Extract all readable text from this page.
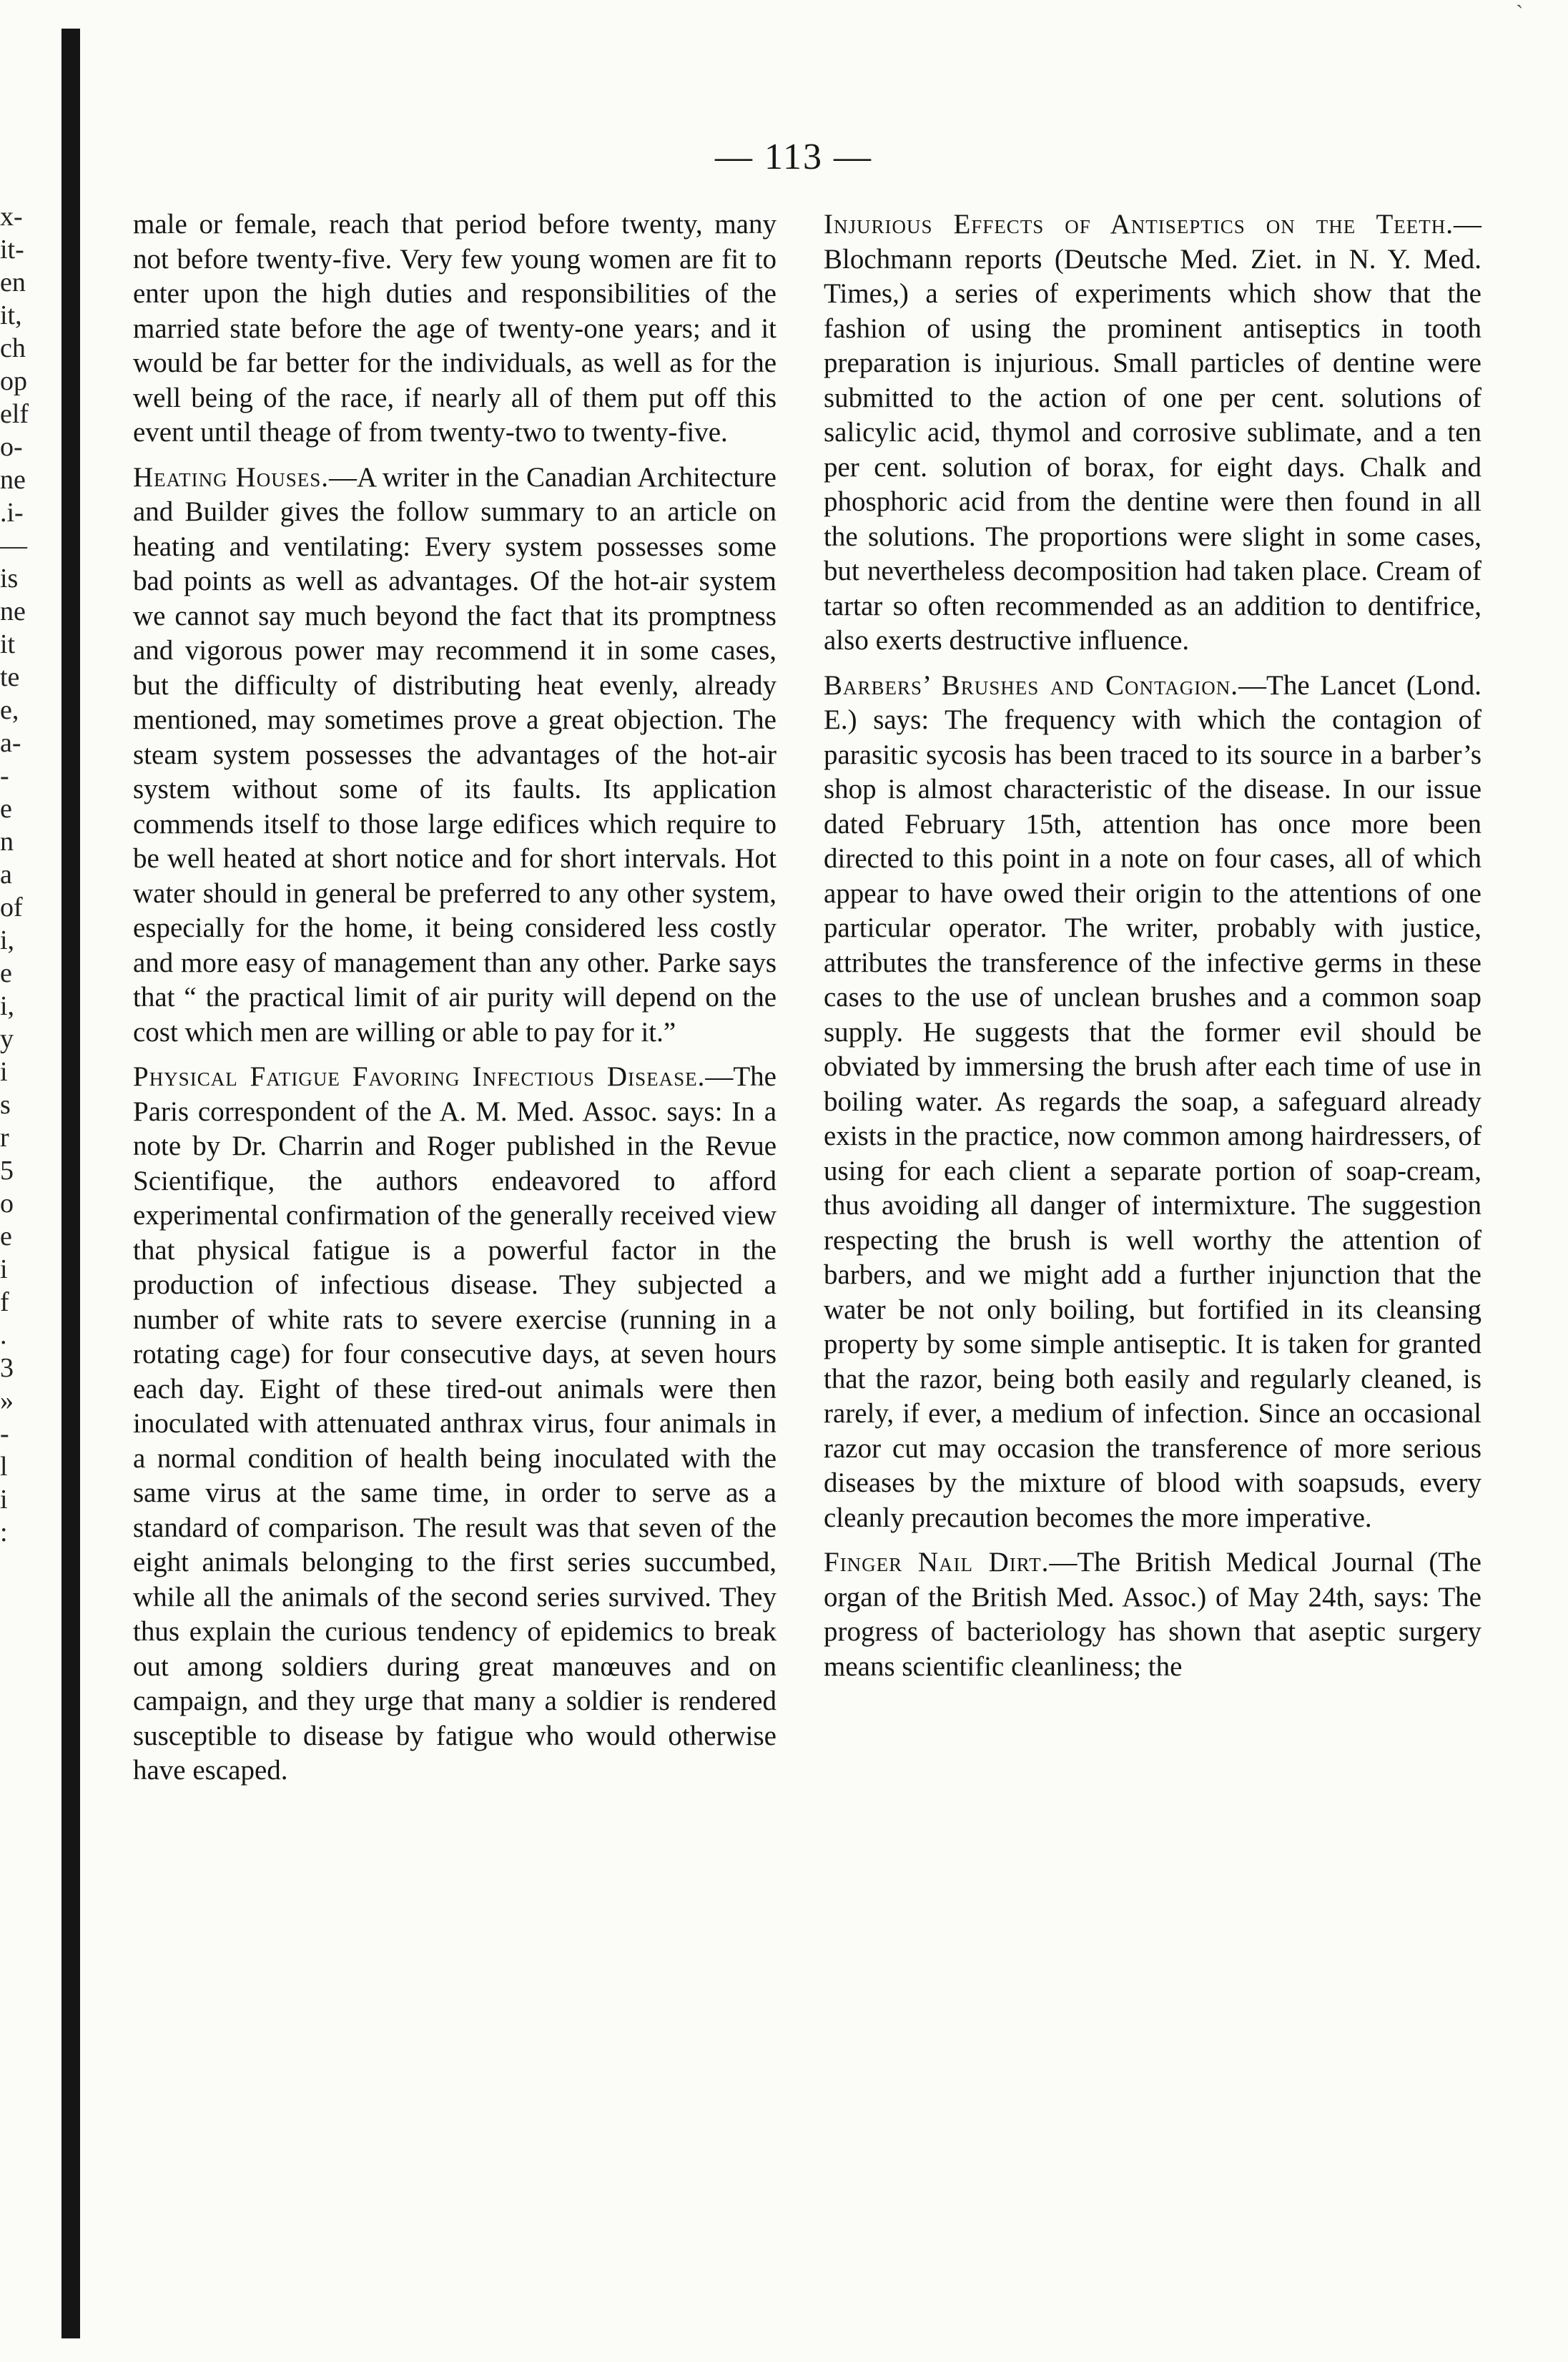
`
x-
it-
en
it,
ch
op
elf
o-
ne
.i-
—
is
ne
it
te
e,
a-
-
e
n
a
of
i,
e
i,
y
i
s
r
5
o
e
i
f
.
3
»
-
l
i
:
— 113 —

male or female, reach that period before twenty, many not before twenty-five. Very few young women are fit to enter upon the high duties and responsibilities of the married state before the age of twenty-one years; and it would be far better for the individuals, as well as for the well being of the race, if nearly all of them put off this event until theage of from twenty-two to twenty-five.

Heating Houses.—A writer in the Canadian Architecture and Builder gives the follow summary to an article on heating and ventilating: Every system possesses some bad points as well as advantages. Of the hot-air system we cannot say much beyond the fact that its promptness and vigorous power may recommend it in some cases, but the difficulty of distributing heat evenly, already mentioned, may sometimes prove a great objection. The steam system possesses the advantages of the hot-air system without some of its faults. Its application commends itself to those large edifices which require to be well heated at short notice and for short intervals. Hot water should in general be preferred to any other system, especially for the home, it being considered less costly and more easy of management than any other. Parke says that “ the practical limit of air purity will depend on the cost which men are willing or able to pay for it.”

Physical Fatigue Favoring Infectious Disease.—The Paris correspondent of the A. M. Med. Assoc. says: In a note by Dr. Charrin and Roger published in the Revue Scientifique, the authors endeavored to afford experimental confirmation of the generally received view that physical fatigue is a powerful factor in the production of infectious disease. They subjected a number of white rats to severe exercise (running in a rotating cage) for four consecutive days, at seven hours each day. Eight of these tired-out animals were then inoculated with attenuated anthrax virus, four animals in a normal condition of health being inoculated with the same virus at the same time, in order to serve as a standard of comparison. The result was that seven of the eight animals belonging to the first series succumbed, while all the animals of the second series survived. They thus explain the curious tendency of epidemics to break out among soldiers during great manœuves and on campaign, and they urge that many a soldier is rendered susceptible to disease by fatigue who would otherwise have escaped.

Injurious Effects of Antiseptics on the Teeth.—Blochmann reports (Deutsche Med. Ziet. in N. Y. Med. Times,) a series of experiments which show that the fashion of using the prominent antiseptics in tooth preparation is injurious. Small particles of dentine were submitted to the action of one per cent. solutions of salicylic acid, thymol and corrosive sublimate, and a ten per cent. solution of borax, for eight days. Chalk and phosphoric acid from the dentine were then found in all the solutions. The proportions were slight in some cases, but nevertheless decomposition had taken place. Cream of tartar so often recommended as an addition to dentifrice, also exerts destructive influence.

Barbers’ Brushes and Contagion.—The Lancet (Lond. E.) says: The frequency with which the contagion of parasitic sycosis has been traced to its source in a barber’s shop is almost characteristic of the disease. In our issue dated February 15th, attention has once more been directed to this point in a note on four cases, all of which appear to have owed their origin to the attentions of one particular operator. The writer, probably with justice, attributes the transference of the infective germs in these cases to the use of unclean brushes and a common soap supply. He suggests that the former evil should be obviated by immersing the brush after each time of use in boiling water. As regards the soap, a safeguard already exists in the practice, now common among hairdressers, of using for each client a separate portion of soap-cream, thus avoiding all danger of intermixture. The suggestion respecting the brush is well worthy the attention of barbers, and we might add a further injunction that the water be not only boiling, but fortified in its cleansing property by some simple antiseptic. It is taken for granted that the razor, being both easily and regularly cleaned, is rarely, if ever, a medium of infection. Since an occasional razor cut may occasion the transference of more serious diseases by the mixture of blood with soapsuds, every cleanly precaution becomes the more imperative.

Finger Nail Dirt.—The British Medical Journal (The organ of the British Med. Assoc.) of May 24th, says: The progress of bacteriology has shown that aseptic surgery means scientific cleanliness; the
